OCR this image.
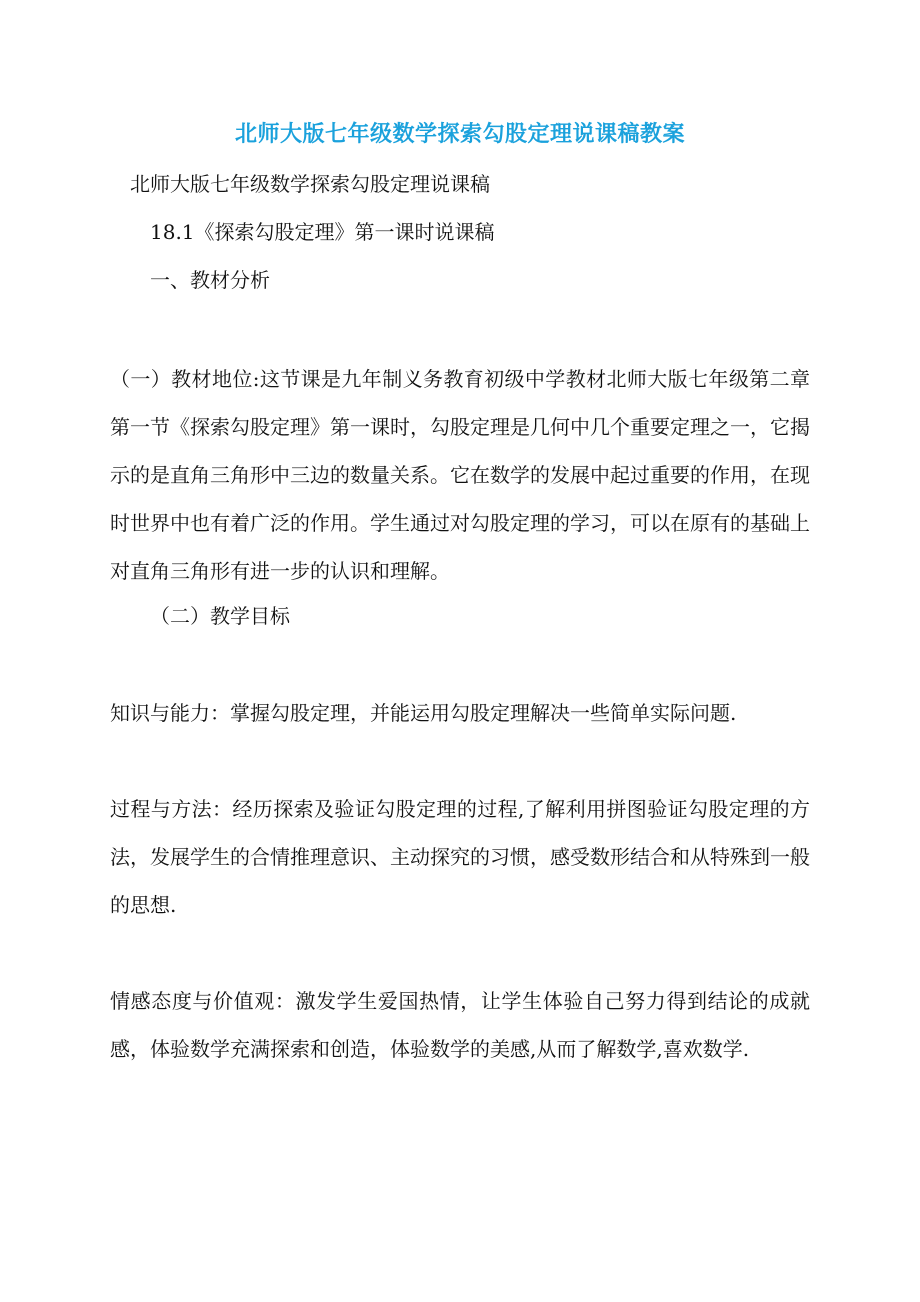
北师大版七年级数学探索勾股定理说课稿教案
北师大版七年级数学探索勾股定理说课稿
18.1《探索勾股定理》第一课时说课稿
一、教材分析
（一）教材地位:这节课是九年制义务教育初级中学教材北师大版七年级第二章第一节《探索勾股定理》第一课时，勾股定理是几何中几个重要定理之一，它揭示的是直角三角形中三边的数量关系。它在数学的发展中起过重要的作用，在现时世界中也有着广泛的作用。学生通过对勾股定理的学习，可以在原有的基础上对直角三角形有进一步的认识和理解。
（二）教学目标
知识与能力：掌握勾股定理，并能运用勾股定理解决一些简单实际问题.
过程与方法：经历探索及验证勾股定理的过程,了解利用拼图验证勾股定理的方法，发展学生的合情推理意识、主动探究的习惯，感受数形结合和从特殊到一般的思想.
情感态度与价值观：激发学生爱国热情，让学生体验自己努力得到结论的成就感，体验数学充满探索和创造，体验数学的美感,从而了解数学,喜欢数学.
